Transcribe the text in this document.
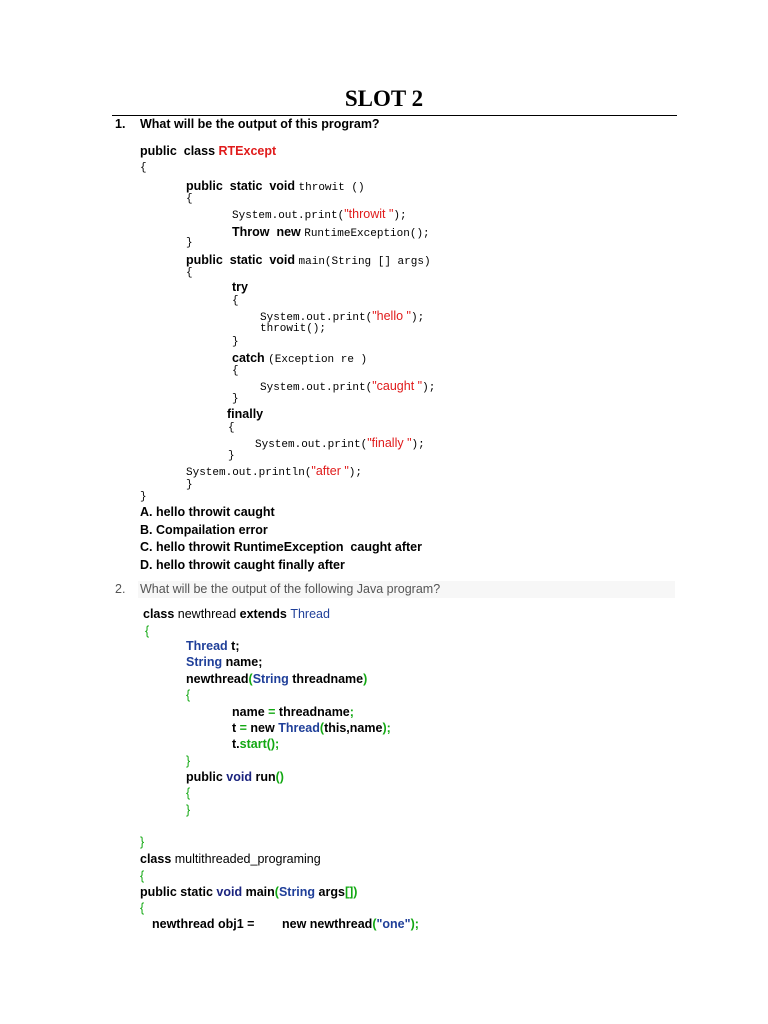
SLOT 2
1. What will be the output of this program?
public  class RTExcept
{
public  static  void throwit ()
{
System.out.print("throwit ");
Throw  new RuntimeException();
}
public  static  void main(String [] args)
{
try
{
System.out.print("hello ");
throwit();
}
catch (Exception re )
{
System.out.print("caught ");
}
finally
{
System.out.print("finally ");
}
System.out.println("after ");
}
}
A. hello throwit caught
B. Compailation error
C. hello throwit RuntimeException  caught after
D. hello throwit caught finally after
2. What will be the output of the following Java program?
class newthread extends Thread
{
Thread t;
String name;
newthread(String threadname)
{
name = threadname;
t = new Thread(this,name);
t.start();
}
public void run()
{
}
}
class multithreaded_programing
{
public static void main(String args[])
{
newthread obj1 = new newthread("one");
